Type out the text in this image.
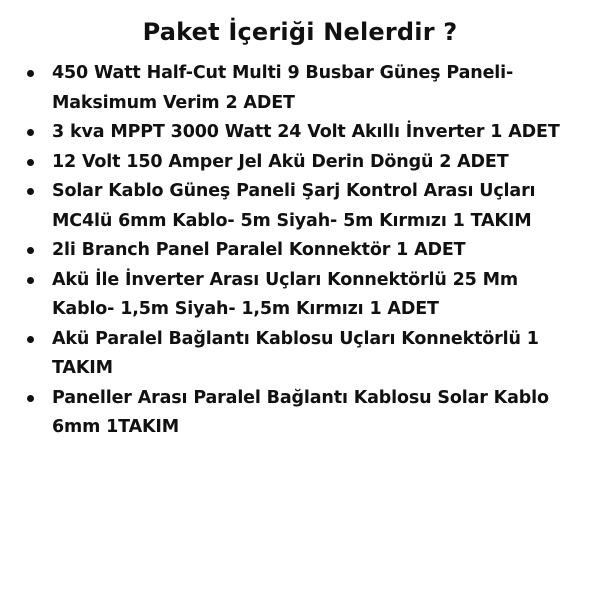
Paket İçeriği Nelerdir ?
450 Watt Half-Cut Multi 9 Busbar Güneş Paneli- Maksimum Verim 2 ADET
3 kva MPPT 3000 Watt 24 Volt Akıllı İnverter 1 ADET
12 Volt 150 Amper Jel Akü Derin Döngü 2 ADET
Solar Kablo Güneş Paneli Şarj Kontrol Arası Uçları MC4lü 6mm Kablo- 5m Siyah- 5m Kırmızı 1 TAKIM
2li Branch Panel Paralel Konnektör 1 ADET
Akü İle İnverter Arası Uçları Konnektörlü 25 Mm Kablo- 1,5m Siyah- 1,5m Kırmızı 1 ADET
Akü Paralel Bağlantı Kablosu Uçları Konnektörlü 1 TAKIM
Paneller Arası Paralel Bağlantı Kablosu Solar Kablo 6mm 1TAKIM
